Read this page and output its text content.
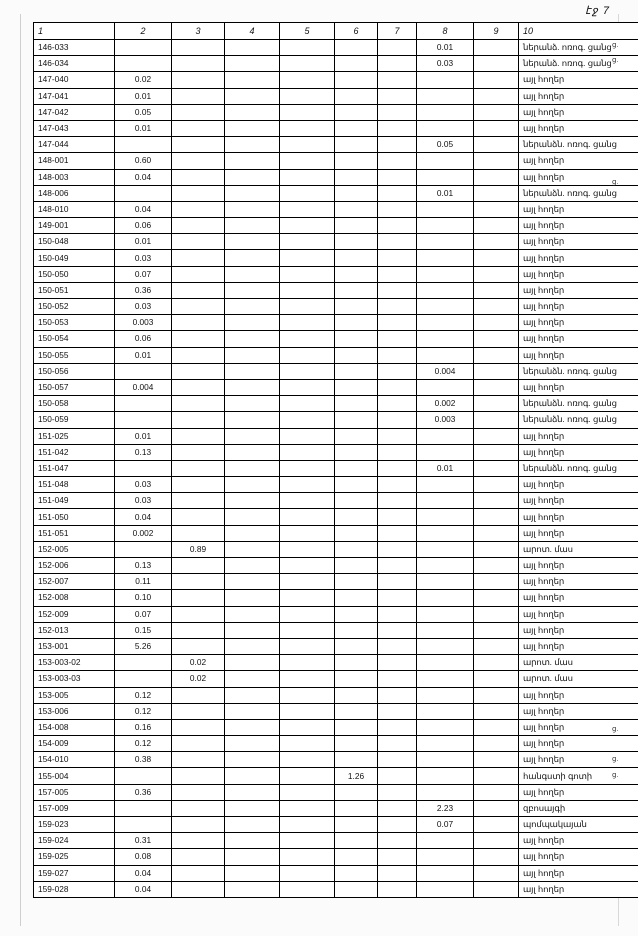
էջ 7
1	2	3	4	5	6	7	8	9	10
146-033							0.01		ներանձ. ոռոգ. ցանց
146-034							0.03		ներանձ. ոռոգ. ցանց
147-040	0.02								այլ հողեր
147-041	0.01								այլ հողեր
147-042	0.05								այլ հողեր
147-043	0.01								այլ հողեր
147-044							0.05		ներանձն. ոռոգ. ցանց
148-001	0.60								այլ հողեր
148-003	0.04								այլ հողեր
148-006							0.01		ներանձն. ոռոգ. ցանց
148-010	0.04								այլ հողեր
149-001	0.06								այլ հողեր
150-048	0.01								այլ հողեր
150-049	0.03								այլ հողեր
150-050	0.07								այլ հողեր
150-051	0.36								այլ հողեր
150-052	0.03								այլ հողեր
150-053	0.003								այլ հողեր
150-054	0.06								այլ հողեր
150-055	0.01								այլ հողեր
150-056							0.004		ներանձն. ոռոգ. ցանց
150-057	0.004								այլ հողեր
150-058							0.002		ներանձն. ոռոգ. ցանց
150-059							0.003		ներանձն. ոռոգ. ցանց
151-025	0.01								այլ հողեր
151-042	0.13								այլ հողեր
151-047							0.01		ներանձն. ոռոգ. ցանց
151-048	0.03								այլ հողեր
151-049	0.03								այլ հողեր
151-050	0.04								այլ հողեր
151-051	0.002								այլ հողեր
152-005		0.89							արոտ. մաս
152-006	0.13								այլ հողեր
152-007	0.11								այլ հողեր
152-008	0.10								այլ հողեր
152-009	0.07								այլ հողեր
152-013	0.15								այլ հողեր
153-001	5.26								այլ հողեր
153-003-02		0.02							արոտ. մաս
153-003-03		0.02							արոտ. մաս
153-005	0.12								այլ հողեր
153-006	0.12								այլ հողեր
154-008	0.16								այլ հողեր
154-009	0.12								այլ հողեր
154-010	0.38								այլ հողեր
155-004					1.26				հանգստի գոտի
157-005	0.36								այլ հողեր
157-009							2.23		զբոսայգի
159-023							0.07		պոմպակայան
159-024	0.31								այլ հողեր
159-025	0.08								այլ հողեր
159-027	0.04								այլ հողեր
159-028	0.04								այլ հողեր
ց.
ց.
ց.
ց.
ց.
ց.
